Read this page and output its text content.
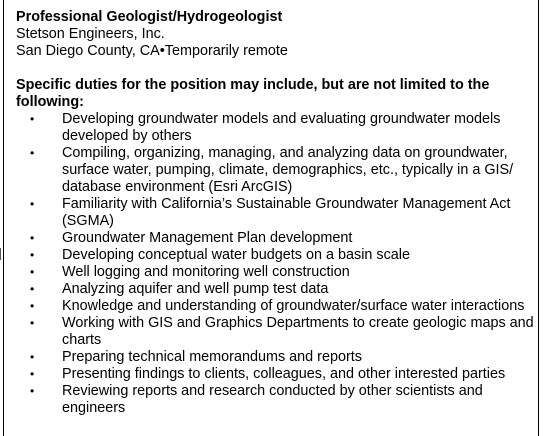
Professional Geologist/Hydrogeologist

Stetson Engineers, Inc.

San Diego County, CA•Temporarily remote

Specific duties for the position may include, but are not limited to the following:

• Developing groundwater models and evaluating groundwater models developed by others
• Compiling, organizing, managing, and analyzing data on groundwater, surface water, pumping, climate, demographics, etc., typically in a GIS/ database environment (Esri ArcGIS)
• Familiarity with California’s Sustainable Groundwater Management Act (SGMA)
• Groundwater Management Plan development
• Developing conceptual water budgets on a basin scale
• Well logging and monitoring well construction
• Analyzing aquifer and well pump test data
• Knowledge and understanding of groundwater/surface water interactions
• Working with GIS and Graphics Departments to create geologic maps and charts
• Preparing technical memorandums and reports
• Presenting findings to clients, colleagues, and other interested parties
• Reviewing reports and research conducted by other scientists and engineers
